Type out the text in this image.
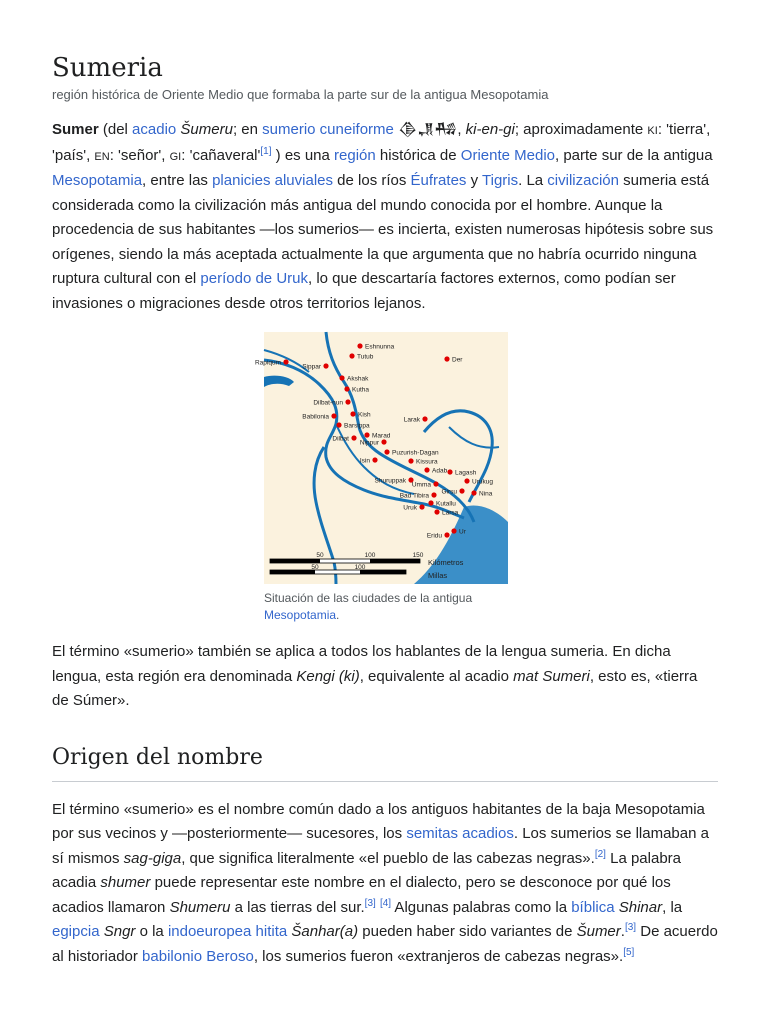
Sumeria
región histórica de Oriente Medio que formaba la parte sur de la antigua Mesopotamia

Sumer (del acadio Šumeru; en sumerio cuneiforme 𒆠𒂗𒄀, ki-en-gi; aproximadamente KI: 'tierra', 'país', EN: 'señor', GI: 'cañaveral'[1] ) es una región histórica de Oriente Medio, parte sur de la antigua Mesopotamia, entre las planicies aluviales de los ríos Éufrates y Tigris. La civilización sumeria está considerada como la civilización más antigua del mundo conocida por el hombre. Aunque la procedencia de sus habitantes —los sumerios— es incierta, existen numerosas hipótesis sobre sus orígenes, siendo la más aceptada actualmente la que argumenta que no habría ocurrido ninguna ruptura cultural con el período de Uruk, lo que descartaría factores externos, como podían ser invasiones o migraciones desde otros territorios lejanos.

Eshnunna
Tutub	Der
Rapiqum
Sippar
Akshak
Kutha
Dilbat-nun
Babilonia	Kish
Barsippa
Larak
Marad
Dilbat
Nippur
Puzurish-Dagan
Isin	Kissura
Adab Lagash
Shuruppak
Umma	Urukug
Girsu	Nina
Bad Tibira
Kutallu
Uruk
Larsa
Ur
Eridu
50	100	150
50	100
Kilómetros
Millas
Situación de las ciudades de la antigua Mesopotamia.

El término «sumerio» también se aplica a todos los hablantes de la lengua sumeria. En dicha lengua, esta región era denominada Kengi (ki), equivalente al acadio mat Sumeri, esto es, «tierra de Súmer».

Origen del nombre

El término «sumerio» es el nombre común dado a los antiguos habitantes de la baja Mesopotamia por sus vecinos y —posteriormente— sucesores, los semitas acadios. Los sumerios se llamaban a sí mismos sag-giga, que significa literalmente «el pueblo de las cabezas negras».[2] La palabra acadia shumer puede representar este nombre en el dialecto, pero se desconoce por qué los acadios llamaron Shumeru a las tierras del sur.[3] [4] Algunas palabras como la bíblica Shinar, la egipcia Sngr o la indoeuropea hitita Šanhar(a) pueden haber sido variantes de Šumer.[3] De acuerdo al historiador babilonio Beroso, los sumerios fueron «extranjeros de cabezas negras».[5]
